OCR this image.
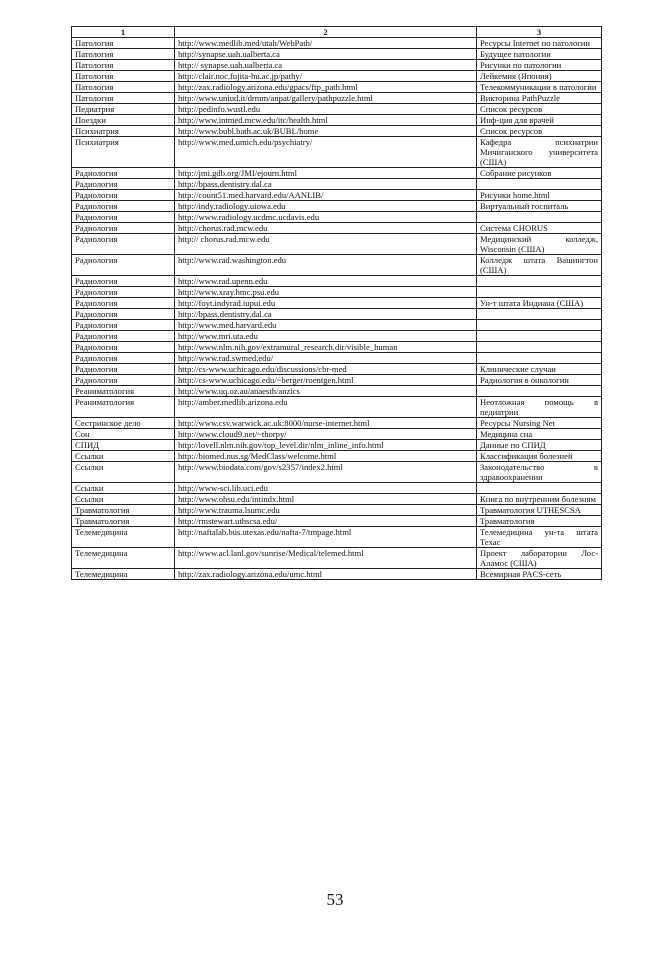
1	2	3
Патология	http://www.medlib.med/utah/WebPath/	Ресурсы Internet по патологии
Патология	http://synapse.uah.ualberta.ca	Будущее патологии
Патология	http:// synapse.uah.ualberta.ca	Рисунки по патологии
Патология	http://clair.noc.fujita-hu.ac.jp/pathy/	Лейкемия (Япония)
Патология	http://zax.radiology.arizona.edu/gpacs/ftp_path.html	Телекоммуникации в патологии
Патология	http://www.uniud.it/drmm/anpat/gallery/pathpuzzle.html	Викторина PathPuzzle
Педиатрия	http://pedinfo.wustl.edu	Список ресурсов
Поездки	http://www.intmed.mcw.edu/itc/health.html	Инф-ция для врачей
Психиатрия	http://www.bubl.bath.ac.uk/BUBL/home	Список ресурсов
Психиатрия	http://www.med.umich.edu/psychiatry/	Кафедра психиатрии Мичиганского университета (США)
Радиология	http://jmi.gdb.org/JMI/ejourn.html	Собрание рисунков
Радиология	http://bpass.dentistry.dal.ca	
Радиология	http://count51.med.harvard.edu/AANLIB/	Рисунки home.html
Радиология	http://indy.radiology.uiowa.edu	Виртуальный госпиталь
Радиология	http://www.radiology.ucdmc.ucdavis.edu	
Радиология	http://chorus.rad.mcw.edu	Система CHORUS
Радиология	http:// chorus.rad.mcw.edu	Медицинский колледж, Wisconsin (США)
Радиология	http://www.rad.washington.edu	Колледж штата Вашингтон (США)
Радиология	http://www.rad.upenn.edu	
Радиология	http://www.xray.hmc.psu.edu	
Радиология	http://foyt.indyrad.iupui.edu	Ун-т штата Индиана (США)
Радиология	http://bpass.dentistry.dal.ca	
Радиология	http://www.med.harvard.edu	
Радиология	http://www.mri.uta.edu	
Радиология	http://www.nlm.nih.gov/extramural_research.dir/visible_human	
Радиология	http://www.rad.swmed.edu/	
Радиология	http://cs-www.uchicago.edu/discussions/cbr-med	Клинические случаи
Радиология	http://cs-www.uchicago.edu/~berger/roentgen.html	Радиология в онкологии
Реаниматология	http://www.uq.oz.au/anaesth/anzics	
Реаниматология	http://amber.medlib.arizona.edu	Неотложная помощь в педиатрии
Сестринское дело	http://www.csv.warwick.ac.uk:8000/nurse-internet.html	Ресурсы Nursing Net
Сон	http://www.cloud9.net/~thorpy/	Медицина сна
СПИД	http://lovell.nlm.nih.gov/top_level.dir/nlm_inline_info.html	Данные по СПИД
Ссылки	http://biomed.nus.sg/MedClass/welcome.html	Классификация болезней
Ссылки	http://www.biodata.com/gov/s2357/index2.html	Законодательство в здравоохранении
Ссылки	http://www-sci.lib.uci.edu	
Ссылки	http://www.ohsu.edu/intindx.html	Книга по внутренним болезням
Травматология	http://www.trauma.lsumc.edu	Травматология UTHESCSA
Травматология	http://rmstewart.uthscsa.edu/	Травматология
Телемедицина	http://naftalab.bus.utexas.edu/nafta-7/tmpage.html	Телемедицина ун-та штата Техас
Телемедицина	http://www.acl.lanl.gov/sunrise/Medical/telemed.html	Проект лаборатории Лос-Аламос (США)
Телемедицина	http://zax.radiology.arizona.edu/umc.html	Всемирная PACS-сеть
53
